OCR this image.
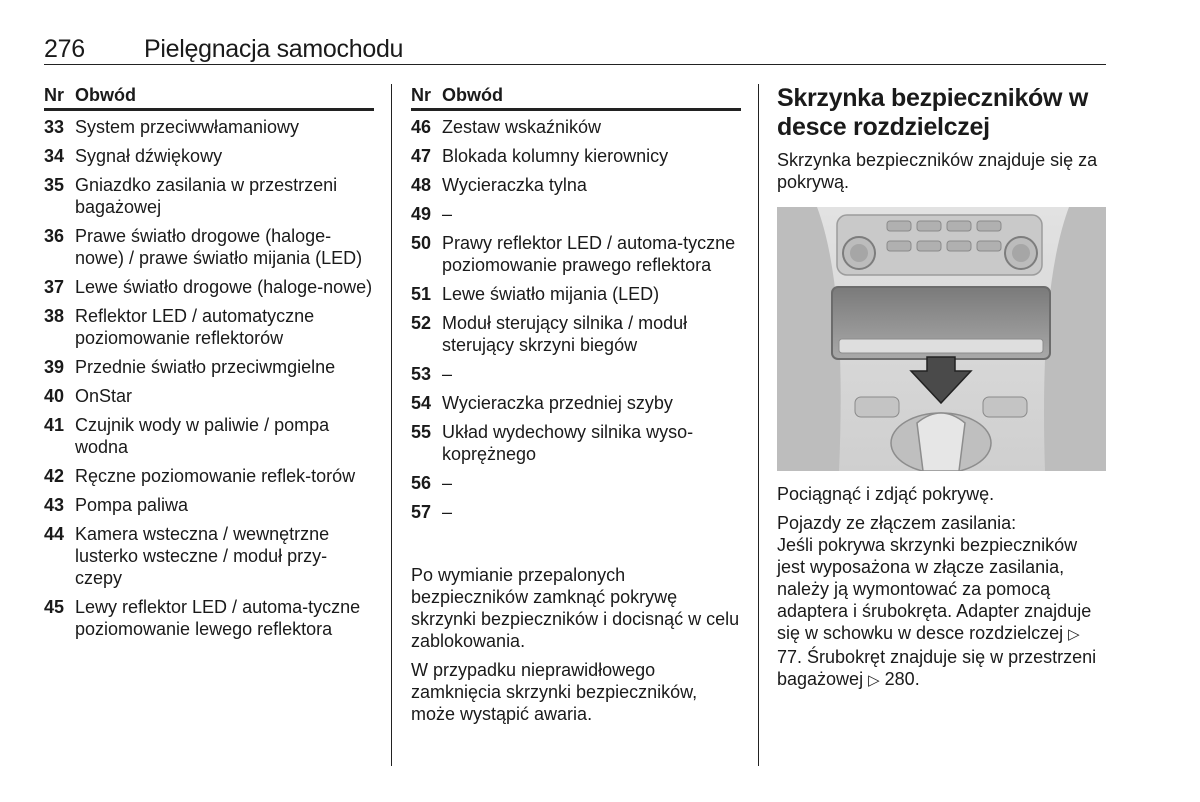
276 Pielęgnacja samochodu
Nr Obwód
33 System przeciwwłamaniowy
34 Sygnał dźwiękowy
35 Gniazdko zasilania w przestrzeni bagażowej
36 Prawe światło drogowe (haloge-nowe) / prawe światło mijania (LED)
37 Lewe światło drogowe (haloge-nowe)
38 Reflektor LED / automatyczne poziomowanie reflektorów
39 Przednie światło przeciwmgielne
40 OnStar
41 Czujnik wody w paliwie / pompa wodna
42 Ręczne poziomowanie reflek-torów
43 Pompa paliwa
44 Kamera wsteczna / wewnętrzne lusterko wsteczne / moduł przy-czepy
45 Lewy reflektor LED / automa-tyczne poziomowanie lewego reflektora
Nr Obwód
46 Zestaw wskaźników
47 Blokada kolumny kierownicy
48 Wycieraczka tylna
49 –
50 Prawy reflektor LED / automa-tyczne poziomowanie prawego reflektora
51 Lewe światło mijania (LED)
52 Moduł sterujący silnika / moduł sterujący skrzyni biegów
53 –
54 Wycieraczka przedniej szyby
55 Układ wydechowy silnika wyso-koprężnego
56 –
57 –

Po wymianie przepalonych bezpieczników zamknąć pokrywę skrzynki bezpieczników i docisnąć w celu zablokowania.

W przypadku nieprawidłowego zamknięcia skrzynki bezpieczników, może wystąpić awaria.

Skrzynka bezpieczników w desce rozdzielczej

Skrzynka bezpieczników znajduje się za pokrywą.

Pociągnąć i zdjąć pokrywę.

Pojazdy ze złączem zasilania:

Jeśli pokrywa skrzynki bezpieczników jest wyposażona w złącze zasilania, należy ją wymontować za pomocą adaptera i śrubokręta. Adapter znajduje się w schowku w desce rozdzielczej ▷ 77. Śrubokręt znajduje się w przestrzeni bagażowej ▷ 280.
